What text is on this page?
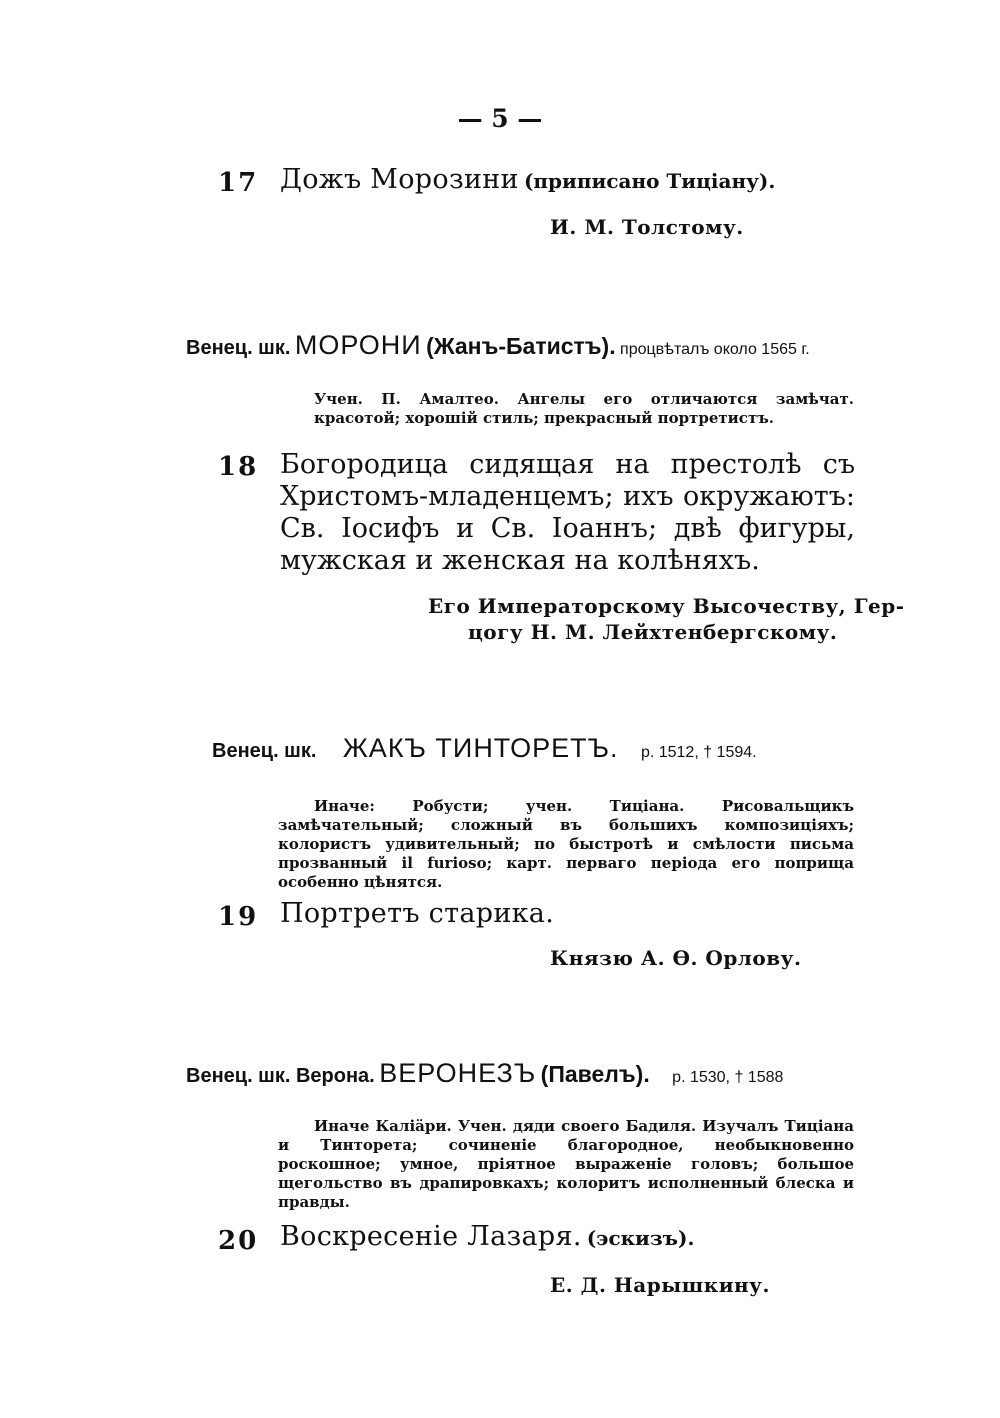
— 5 —
17 Дожъ Морозини (приписано Тиціану).
И. М. Толстому.
Венец. шк. МОРОНИ (Жанъ-Батистъ). процвѣталъ около 1565 г.
Учен. П. Амалтео. Ангелы его отличаются замѣчат. красотой; хорошій стиль; прекрасный портретистъ.
18 Богородица сидящая на престолѣ съ Христомъ-младенцемъ; ихъ окружаютъ: Св. Іосифъ и Св. Іоаннъ; двѣ фигуры, мужская и женская на колѣняхъ.
Его Императорскому Высочеству, Гер-
цогу Н. М. Лейхтенбергскому.
Венец. шк. ЖАКЪ ТИНТОРЕТЪ. р. 1512, † 1594.
Иначе: Робусти; учен. Тиціана. Рисовальщикъ замѣчательный; сложный въ большихъ композиціяхъ; колористъ удивительный; по быстротѣ и смѣлости письма прозванный il furioso; карт. перваго періода его поприща особенно цѣнятся.
19 Портретъ старика.
Князю А. Ѳ. Орлову.
Венец. шк. Верона. ВЕРОНЕЗЪ (Павелъ). р. 1530, † 1588
Иначе Каліäри. Учен. дяди своего Бадиля. Изучалъ Тиціана и Тинторета; сочиненіе благородное, необыкновенно роскошное; умное, пріятное выраженіе головъ; большое щегольство въ драпировкахъ; колоритъ исполненный блеска и правды.
20 Воскресеніе Лазаря. (эскизъ).
Е. Д. Нарышкину.
